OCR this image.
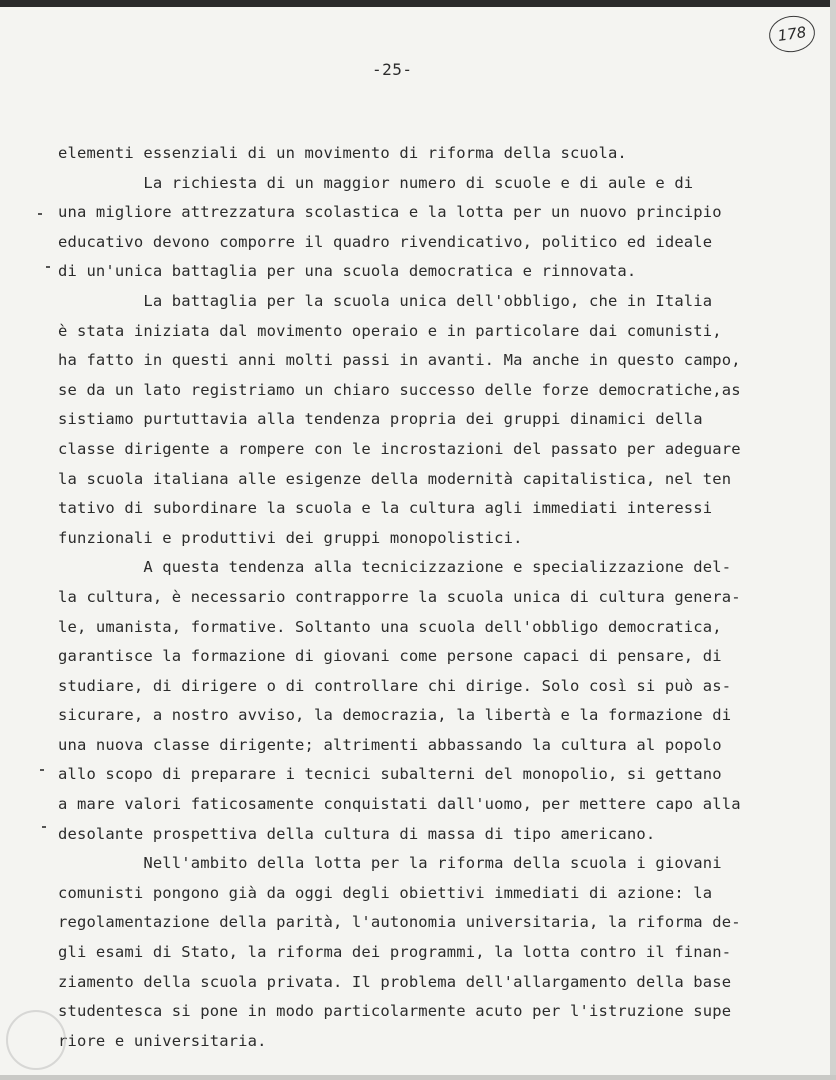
178
-25-
elementi essenziali di un movimento di riforma della scuola.
La richiesta di un maggior numero di scuole e di aule e di
una migliore attrezzatura scolastica e la lotta per un nuovo principio
educativo devono comporre il quadro rivendicativo, politico ed ideale
di un'unica battaglia per una scuola democratica e rinnovata.
La battaglia per la scuola unica dell'obbligo, che in Italia
è stata iniziata dal movimento operaio e in particolare dai comunisti,
ha fatto in questi anni molti passi in avanti. Ma anche in questo campo,
se da un lato registriamo un chiaro successo delle forze democratiche,as
sistiamo purtuttavia alla tendenza propria dei gruppi dinamici della
classe dirigente a rompere con le incrostazioni del passato per adeguare
la scuola italiana alle esigenze della modernità capitalistica, nel ten
tativo di subordinare la scuola e la cultura agli immediati interessi
funzionali e produttivi dei gruppi monopolistici.
A questa tendenza alla tecnicizzazione e specializzazione del-
la cultura, è necessario contrapporre la scuola unica di cultura genera-
le, umanista, formative. Soltanto una scuola dell'obbligo democratica,
garantisce la formazione di giovani come persone capaci di pensare, di
studiare, di dirigere o di controllare chi dirige. Solo così si può as-
sicurare, a nostro avviso, la democrazia, la libertà e la formazione di
una nuova classe dirigente; altrimenti abbassando la cultura al popolo
allo scopo di preparare i tecnici subalterni del monopolio, si gettano
a mare valori faticosamente conquistati dall'uomo, per mettere capo alla
desolante prospettiva della cultura di massa di tipo americano.
Nell'ambito della lotta per la riforma della scuola i giovani
comunisti pongono già da oggi degli obiettivi immediati di azione: la
regolamentazione della parità, l'autonomia universitaria, la riforma de-
gli esami di Stato, la riforma dei programmi, la lotta contro il finan-
ziamento della scuola privata. Il problema dell'allargamento della base
studentesca si pone in modo particolarmente acuto per l'istruzione supe
riore e universitaria.
